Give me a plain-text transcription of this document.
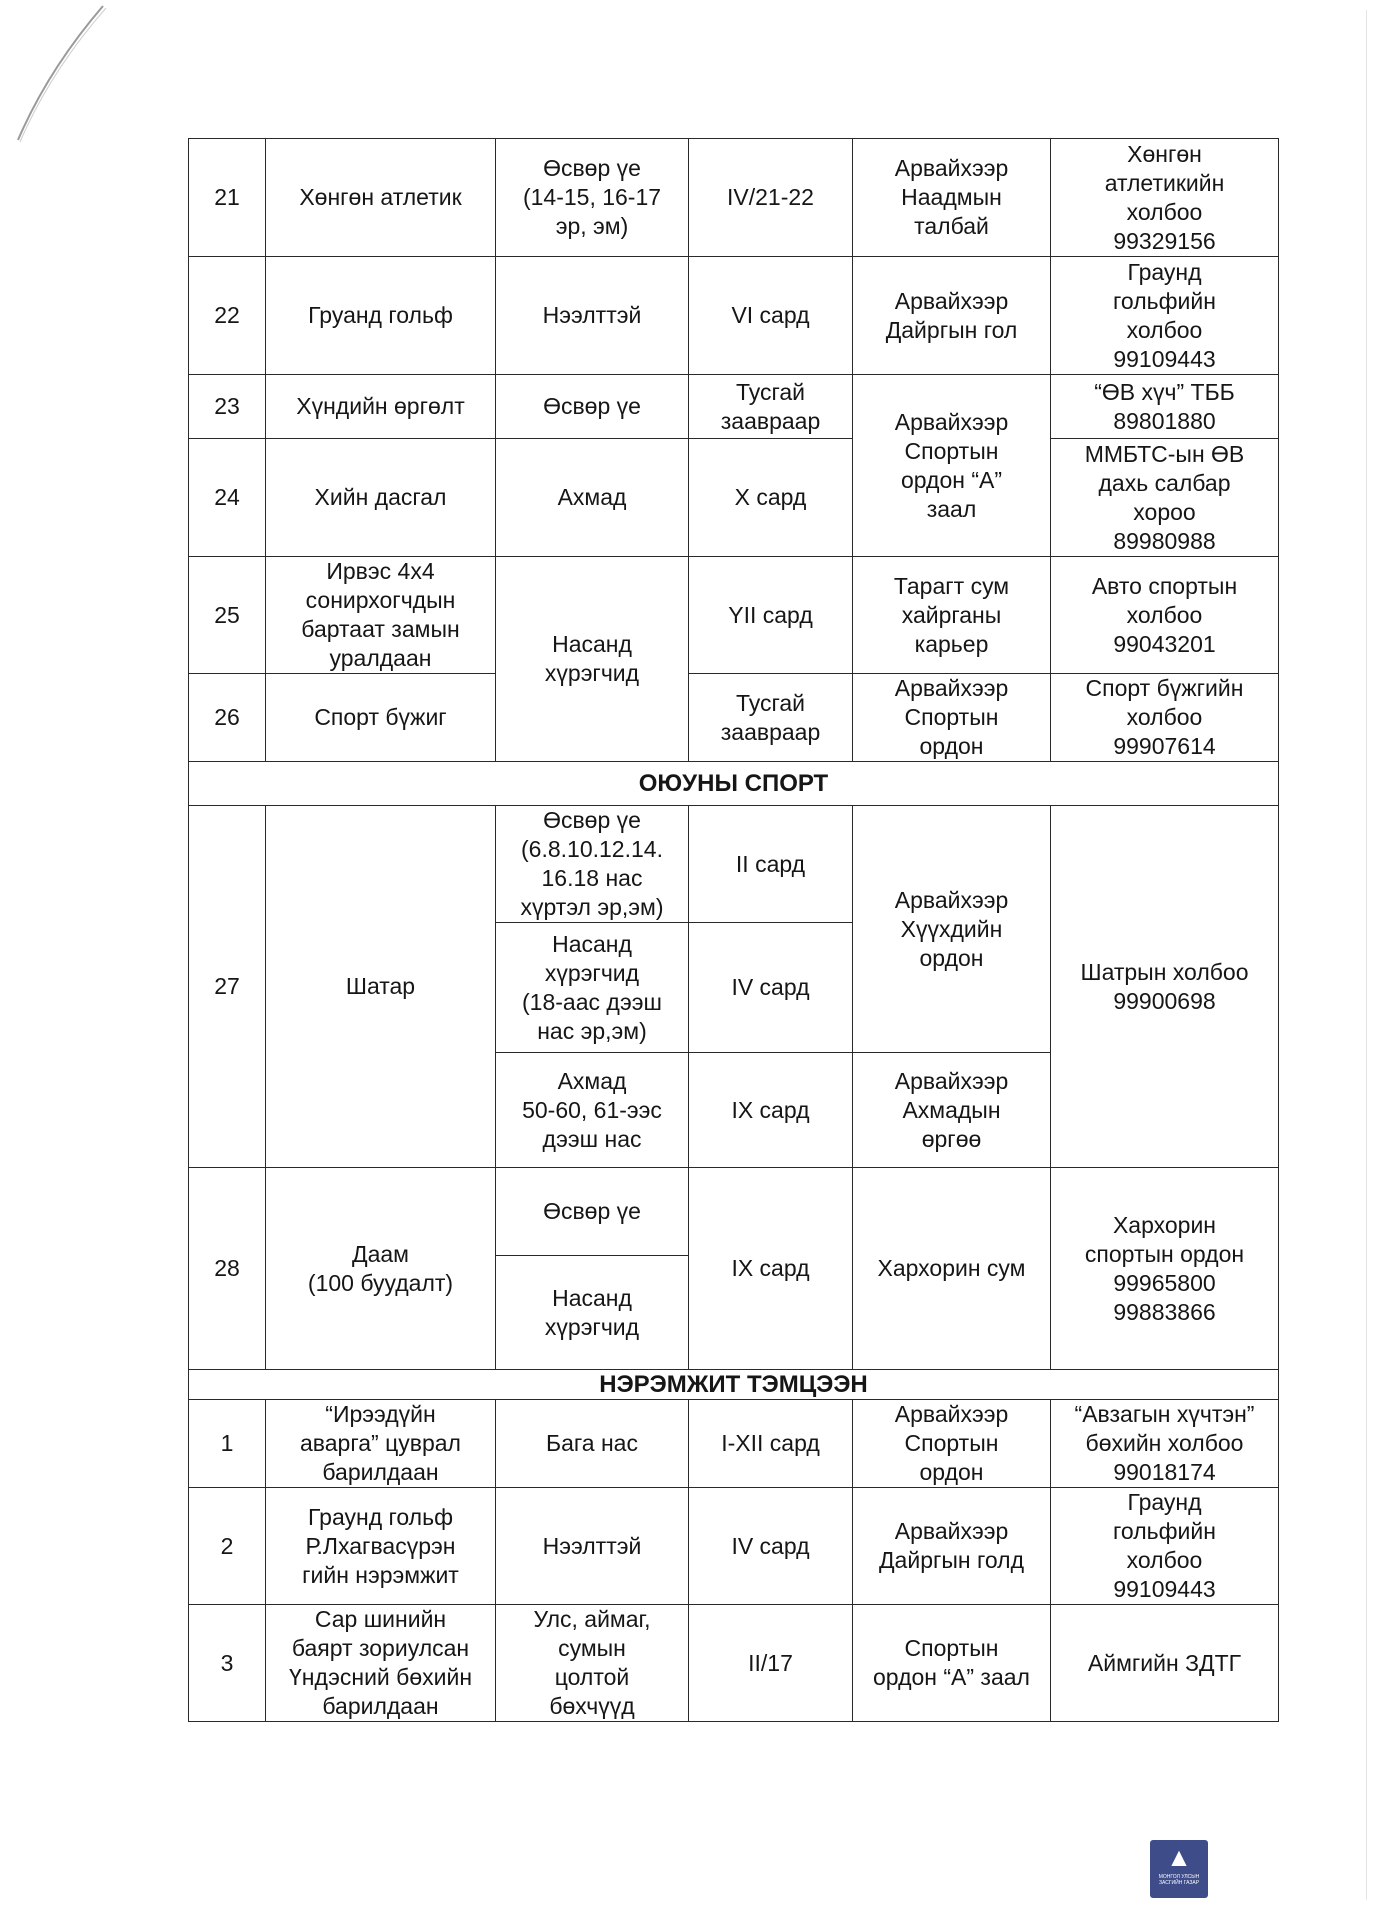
21	Хөнгөн атлетик	Өсвөр үе
(14-15, 16-17
эр, эм)	IV/21-22	Арвайхээр
Наадмын
талбай	Хөнгөн
атлетикийн
холбоо
99329156

22	Груанд гольф	Нээлттэй	VI сард	Арвайхээр
Дайргын гол	Граунд
гольфийн
холбоо
99109443

23	Хүндийн өргөлт	Өсвөр үе	Тусгай
заавраар	Арвайхээр
Спортын
ордон “А”
заал	“ӨВ хүч” ТББ
89801880

24	Хийн дасгал	Ахмад	X сард		ММБТС-ын ӨВ
дахь салбар
хороо
89980988

25	Ирвэс 4x4
сонирхогчдын
бартаат замын
уралдаан	Насанд
хүрэгчид	YII сард	Тарагт сум
хайрганы
карьер	Авто спортын
холбоо
99043201

26	Спорт бүжиг		Тусгай
заавраар	Арвайхээр
Спортын
ордон	Спорт бүжгийн
холбоо
99907614

ОЮУНЫ СПОРТ					

27	Шатар	Өсвөр үе
(6.8.10.12.14.
16.18 нас
хүртэл эр,эм)	II сард	Арвайхээр
Хүүхдийн
ордон	Шатрын холбоо
99900698

		Насанд
хүрэгчид
(18-аас дээш
нас эр,эм)	IV сард		

		Ахмад
50-60, 61-ээс
дээш нас	IX сард	Арвайхээр
Ахмадын
өргөө	

28	Даам
(100 буудалт)	Өсвөр үе	IX сард	Хархорин сум	Хархорин
спортын ордон
99965800
99883866

		Насанд
хүрэгчид			

НЭРЭМЖИТ ТЭМЦЭЭН					

1	“Ирээдүйн
аварга” цуврал
барилдаан	Бага нас	I-XII сард	Арвайхээр
Спортын
ордон	“Авзагын хүчтэн”
бөхийн холбоо
99018174

2	Граунд гольф
Р.Лхагвасүрэн
гийн нэрэмжит	Нээлттэй	IV сард	Арвайхээр
Дайргын голд	Граунд
гольфийн
холбоо
99109443

3	Сар шинийн
баярт зориулсан
Үндэсний бөхийн
барилдаан	Улс, аймаг,
сумын
цолтой
бөхчүүд	II/17	Спортын
ордон “А” заал	Аймгийн ЗДТГ
▲
МОНГОЛ УЛСЫН
ЗАСГИЙН ГАЗАР
